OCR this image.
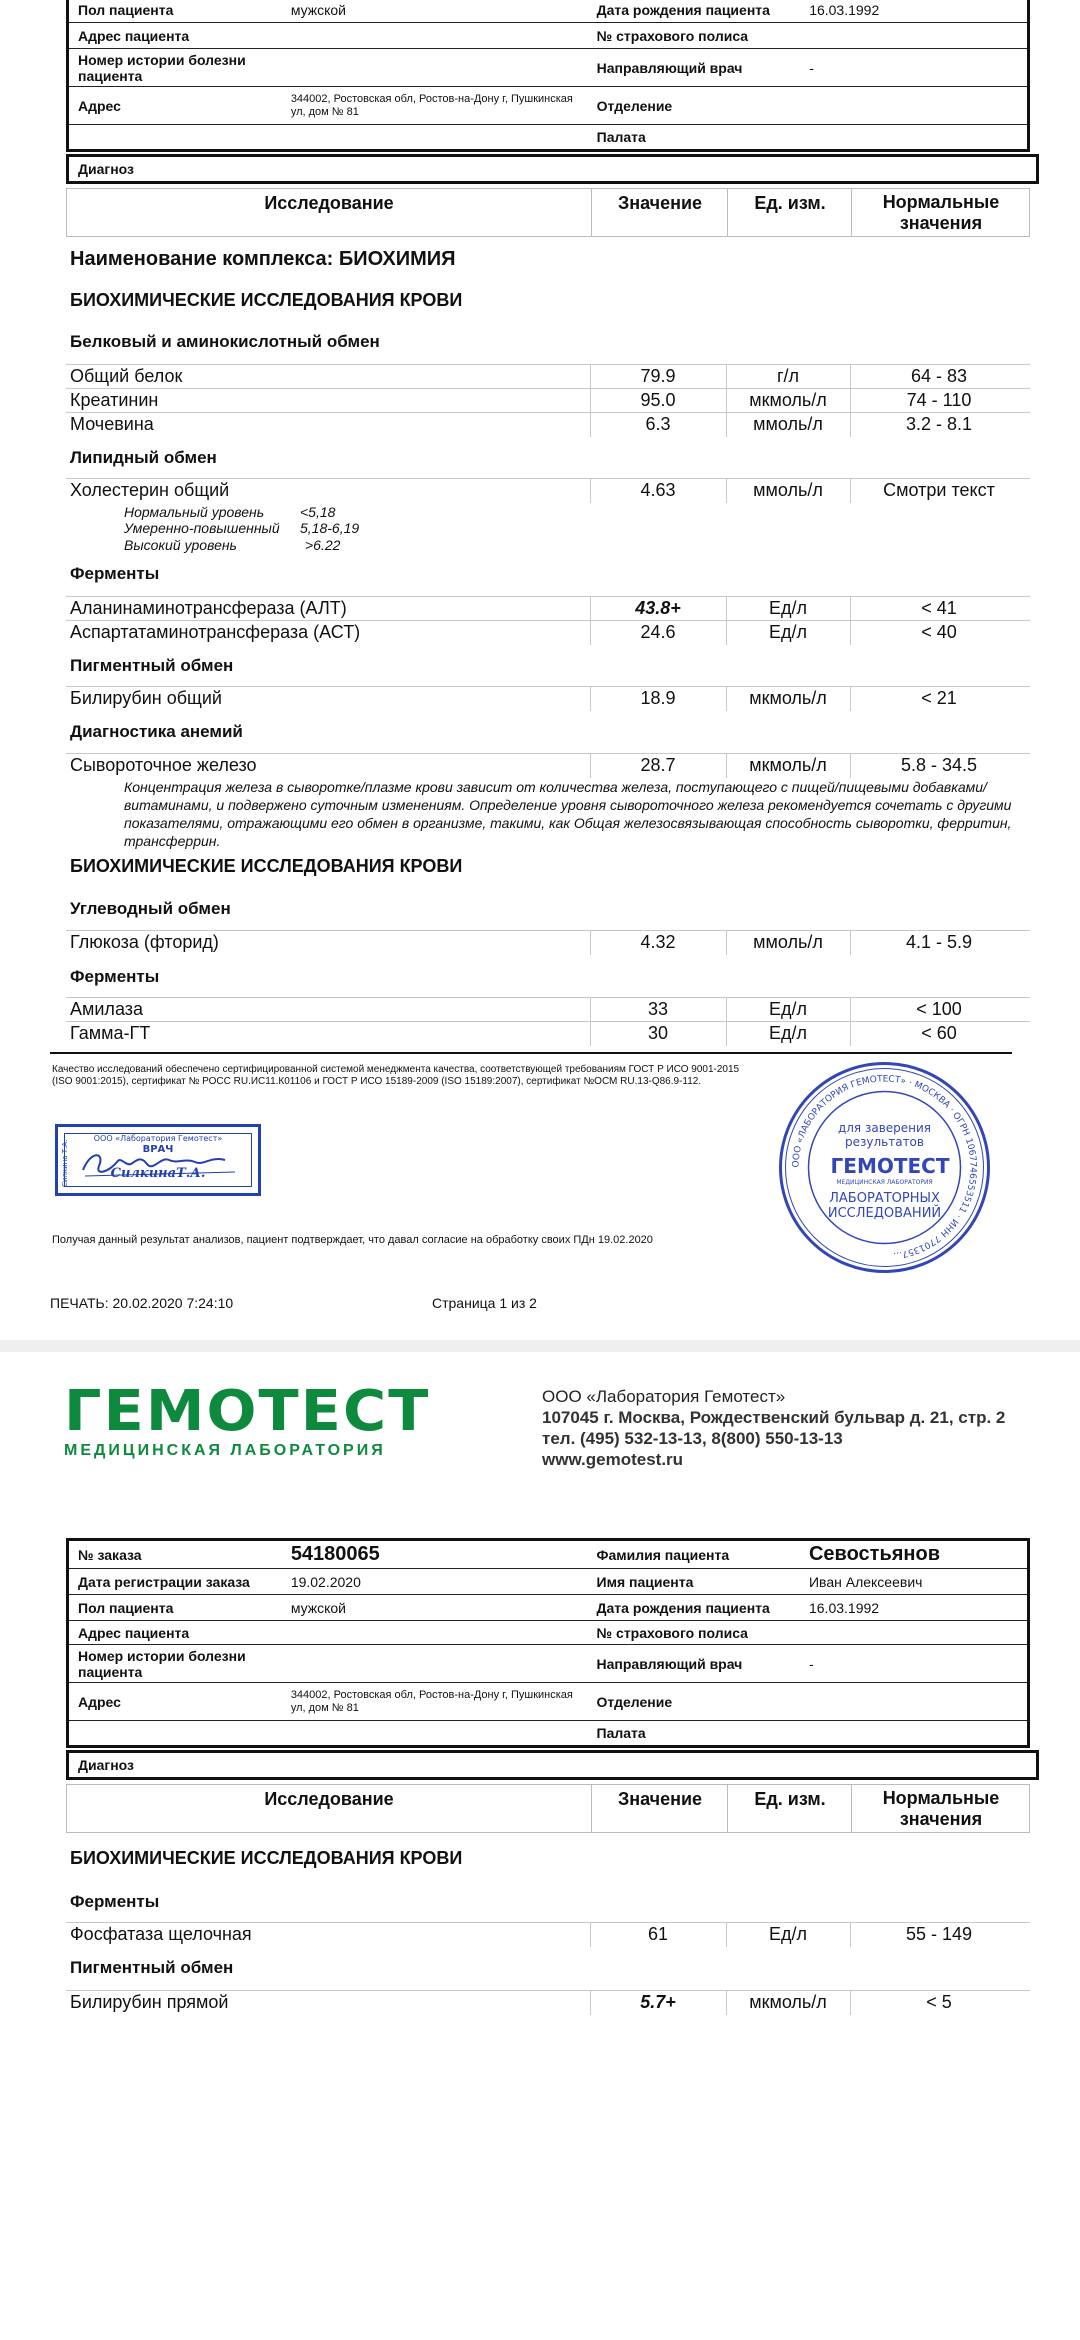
Пол пациента	мужской	Дата рождения пациента	16.03.1992
Адрес пациента		№ страхового полиса	
Номер истории болезни пациента		Направляющий врач	-
Адрес	344002, Ростовская обл, Ростов-на-Дону г, Пушкинская ул, дом № 81	Отделение	
		Палата	
Диагноз
Исследование	Значение	Ед. изм.	Нормальные значения
Наименование комплекса: БИОХИМИЯ
БИОХИМИЧЕСКИЕ ИССЛЕДОВАНИЯ КРОВИ
Белковый и аминокислотный обмен
Общий белок	79.9	г/л	64 - 83
Креатинин	95.0	мкмоль/л	74 - 110
Мочевина	6.3	ммоль/л	3.2 - 8.1
Липидный обмен
Холестерин общий	4.63	ммоль/л	Смотри текст
Нормальный уровень	<5,18
Умеренно-повышенный 5,18-6,19
Высокий уровень	>6.22
Ферменты
Аланинаминотрансфераза (АЛТ)	43.8+	Ед/л	< 41
Аспартатаминотрансфераза (АСТ)	24.6	Ед/л	< 40
Пигментный обмен
Билирубин общий	18.9	мкмоль/л	< 21
Диагностика анемий
Сывороточное железо	28.7	мкмоль/л	5.8 - 34.5
Концентрация железа в сыворотке/плазме крови зависит от количества железа, поступающего с пищей/пищевыми добавками/витаминами, и подвержено суточным изменениям. Определение уровня сывороточного железа рекомендуется сочетать с другими показателями, отражающими его обмен в организме, такими, как Общая железосвязывающая способность сыворотки, ферритин, трансферрин.
БИОХИМИЧЕСКИЕ ИССЛЕДОВАНИЯ КРОВИ
Углеводный обмен
Глюкоза (фторид)	4.32	ммоль/л	4.1 - 5.9
Ферменты
Амилаза	33	Ед/л	< 100
Гамма-ГТ	30	Ед/л	< 60
Качество исследований обеспечено сертифицированной системой менеджмента качества, соответствующей требованиям ГОСТ Р ИСО 9001-2015 (ISO 9001:2015), сертификат № РОСС RU.ИС11.К01106 и ГОСТ Р ИСО 15189-2009 (ISO 15189:2007), сертификат №ОСМ RU.13-Q86.9-112.
ООО «Лаборатория Гемотест»
ВРАЧ
СилкинаТ.А.
Силкина Т.А.	ООО «ЛАБОРАТОРИЯ ГЕМОТЕСТ» · МОСКВА · ОГРН 1067746553511 · ИНН 7701357...
для заверения
результатов
ГЕМОТЕСТ
МЕДИЦИНСКАЯ ЛАБОРАТОРИЯ
ЛАБОРАТОРНЫХ
ИССЛЕДОВАНИЙ
Получая данный результат анализов, пациент подтверждает, что давал согласие на обработку своих ПДн 19.02.2020
ПЕЧАТЬ: 20.02.2020 7:24:10	Страница 1 из 2
ГЕМОТЕСТ
МЕДИЦИНСКАЯ ЛАБОРАТОРИЯ
ООО «Лаборатория Гемотест»
107045 г. Москва, Рождественский бульвар д. 21, стр. 2
тел. (495) 532-13-13, 8(800) 550-13-13
www.gemotest.ru
№ заказа	54180065	Фамилия пациента	Севостьянов
Дата регистрации заказа	19.02.2020	Имя пациента	Иван Алексеевич
Пол пациента	мужской	Дата рождения пациента	16.03.1992
Адрес пациента		№ страхового полиса	
Номер истории болезни пациента		Направляющий врач	-
Адрес	344002, Ростовская обл, Ростов-на-Дону г, Пушкинская ул, дом № 81	Отделение	
		Палата	
Диагноз
Исследование	Значение	Ед. изм.	Нормальные значения
БИОХИМИЧЕСКИЕ ИССЛЕДОВАНИЯ КРОВИ
Ферменты
Фосфатаза щелочная	61	Ед/л	55 - 149
Пигментный обмен
Билирубин прямой	5.7+	мкмоль/л	< 5
